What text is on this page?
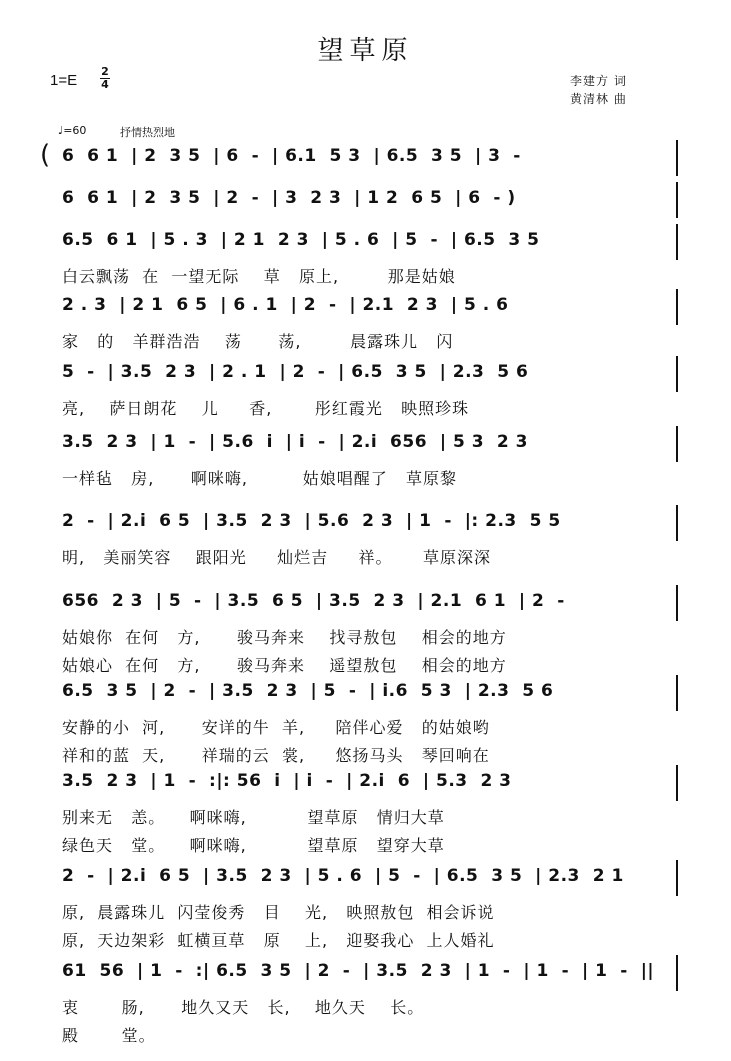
望草原
1=E
2
4	李建方 词
黄清林 曲
♩=60	抒情热烈地
6  6 1  | 2  3 5  | 6  -  | 6.1  5 3  | 6.5  3 5  | 3  -
6  6 1  | 2  3 5  | 2  -  | 3  2 3  | 1 2  6 5  | 6  - )
6.5  6 1  | 5 . 3  | 2 1  2 3  | 5 . 6  | 5  -  | 6.5  3 5
白云飘荡  在  一望无际    草   原上,        那是姑娘
2 . 3  | 2 1  6 5  | 6 . 1  | 2  -  | 2.1  2 3  | 5 . 6
家   的   羊群浩浩    荡      荡,        晨露珠儿   闪
5  -  | 3.5  2 3  | 2 . 1  | 2  -  | 6.5  3 5  | 2.3  5 6
亮,    萨日朗花    儿     香,       彤红霞光   映照珍珠
3.5  2 3  | 1  -  | 5.6  i  | i  -  | 2.i  656  | 5 3  2 3
一样毡   房,      啊咪嗨,         姑娘唱醒了   草原黎
2  -  | 2.i  6 5  | 3.5  2 3  | 5.6  2 3  | 1  -  |: 2.3  5 5
明,   美丽笑容    跟阳光     灿烂吉     祥。     草原深深
656  2 3  | 5  -  | 3.5  6 5  | 3.5  2 3  | 2.1  6 1  | 2  -
姑娘你  在何   方,      骏马奔来    找寻敖包    相会的地方
姑娘心  在何   方,      骏马奔来    遥望敖包    相会的地方
6.5  3 5  | 2  -  | 3.5  2 3  | 5  -  | i.6  5 3  | 2.3  5 6
安静的小  河,      安详的牛  羊,     陪伴心爱   的姑娘哟
祥和的蓝  天,      祥瑞的云  裳,     悠扬马头   琴回响在
3.5  2 3  | 1  -  :|: 56  i  | i  -  | 2.i  6  | 5.3  2 3
别来无   恙。    啊咪嗨,          望草原   情归大草
绿色天   堂。    啊咪嗨,          望草原   望穿大草
2  -  | 2.i  6 5  | 3.5  2 3  | 5 . 6  | 5  -  | 6.5  3 5  | 2.3  2 1
原,  晨露珠儿  闪莹俊秀   目    光,   映照敖包  相会诉说
原,  天边架彩  虹横亘草   原    上,   迎娶我心  上人婚礼
61  56  | 1  -  :| 6.5  3 5  | 2  -  | 3.5  2 3  | 1  -  | 1  -  | 1  -  ||
衷       肠,      地久又天   长,    地久天    长。
殿       堂。
(
